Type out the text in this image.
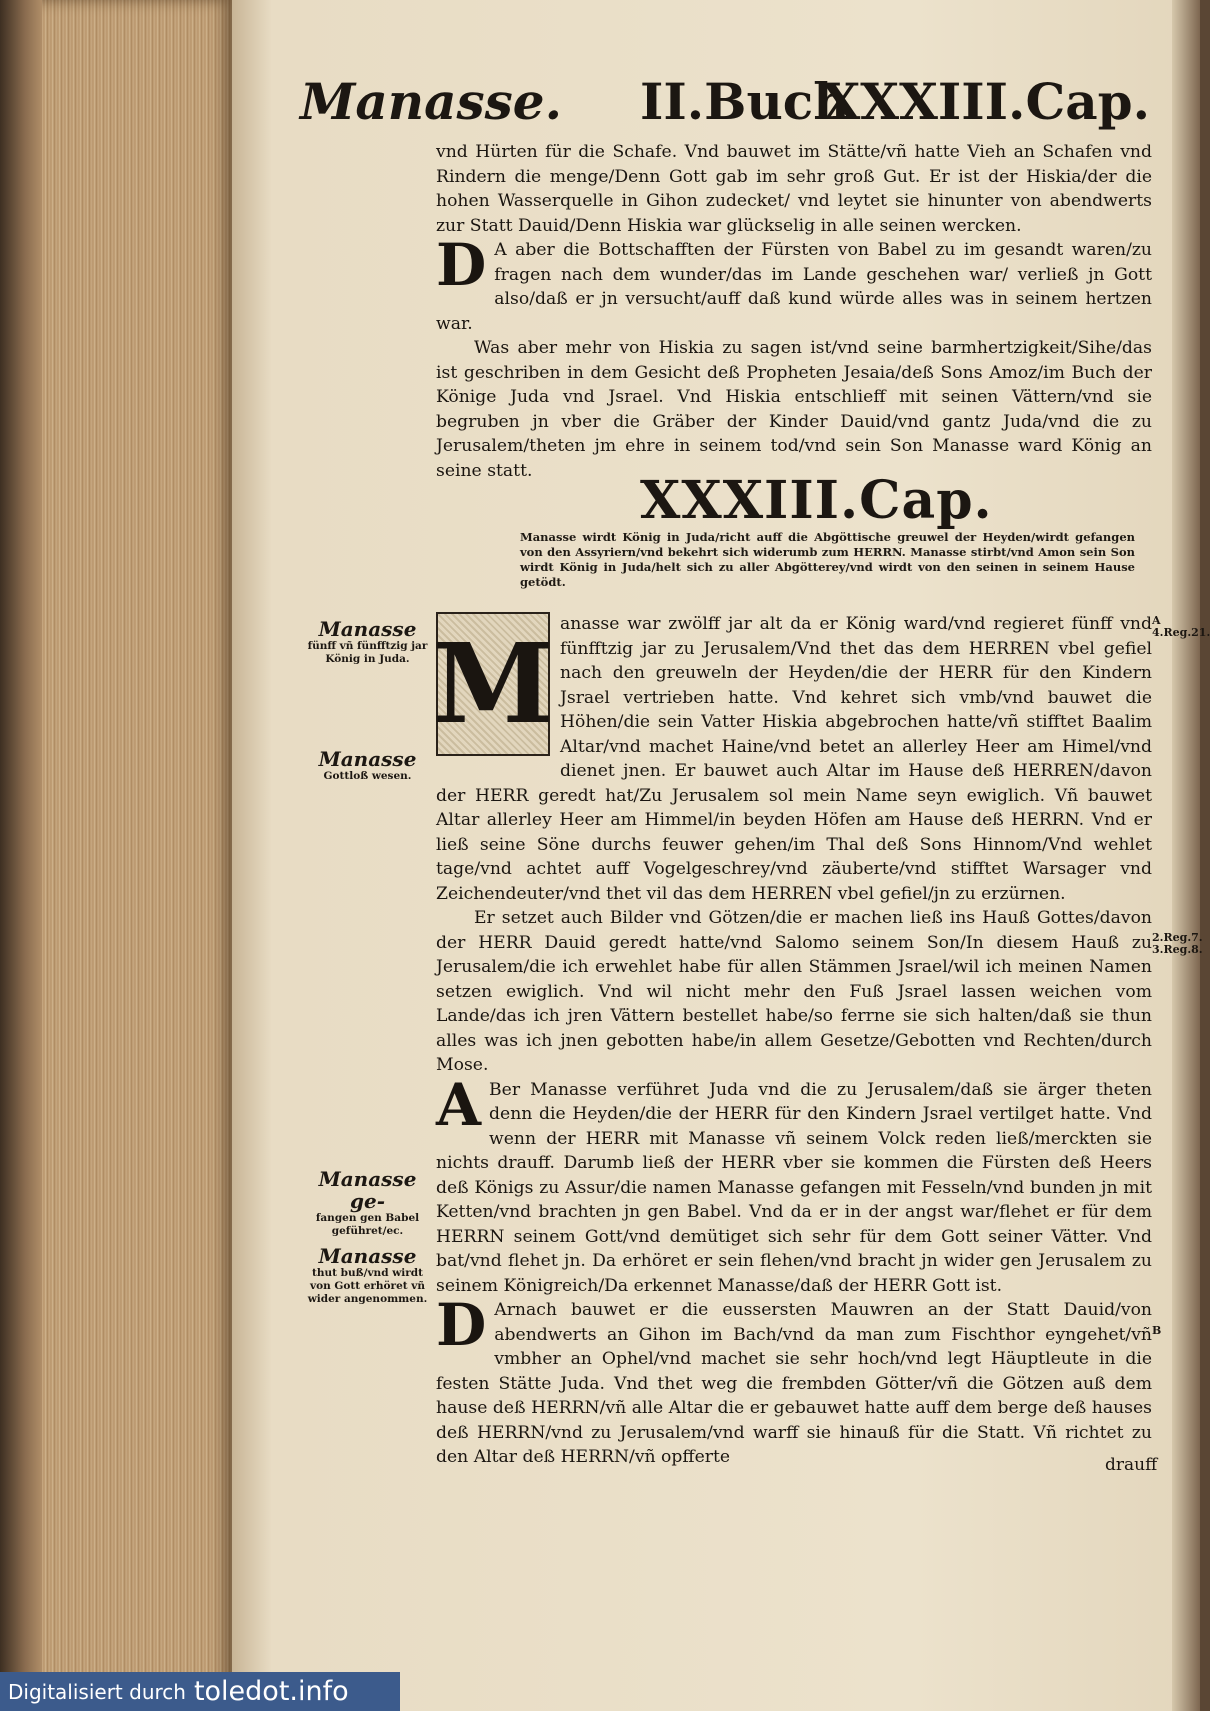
Manasse. II.Buch
XXXIII.Cap.

vnd Hürten für die Schafe. Vnd bauwet im Stätte/vñ hatte Vieh an Schafen vnd Rindern die menge/Denn Gott gab im sehr groß Gut. Er ist der Hiskia/der die hohen Wasserquelle in Gihon zudecket/ vnd leytet sie hinunter von abendwerts zur Statt Dauid/Denn Hiskia war glückselig in alle seinen wercken.

D A aber die Bottschafften der Fürsten von Babel zu im gesandt waren/zu fragen nach dem wunder/das im Lande geschehen war/ verließ jn Gott also/daß er jn versucht/auff daß kund würde alles was in seinem hertzen war.

Was aber mehr von Hiskia zu sagen ist/vnd seine barmhertzigkeit/Sihe/das ist geschriben in dem Gesicht deß Propheten Jesaia/deß Sons Amoz/im Buch der Könige Juda vnd Jsrael. Vnd Hiskia entschlieff mit seinen Vättern/vnd sie begruben jn vber die Gräber der Kinder Dauid/vnd gantz Juda/vnd die zu Jerusalem/theten jm ehre in seinem tod/vnd sein Son Manasse ward König an seine statt.	XXXIII.Cap.
Manasse wirdt König in Juda/richt auff die Abgöttische greuwel der Heyden/wirdt gefangen von den Assyriern/vnd bekehrt sich widerumb zum HERRN. Manasse stirbt/vnd Amon sein Son wirdt König in Juda/helt sich zu aller Abgötterey/vnd wirdt von den seinen in seinem Hause getödt.

M anasse war zwölff jar alt da er König ward/vnd regieret fünff vnd fünfftzig jar zu Jerusalem/Vnd thet das dem HERREN vbel gefiel nach den greuweln der Heyden/die der HERR für den Kindern Jsrael vertrieben hatte. Vnd kehret sich vmb/vnd bauwet die Höhen/die sein Vatter Hiskia abgebrochen hatte/vñ stifftet Baalim Altar/vnd machet Haine/vnd betet an allerley Heer am Himel/vnd dienet jnen. Er bauwet auch Altar im Hause deß HERREN/davon der HERR geredt hat/Zu Jerusalem sol mein Name seyn ewiglich. Vñ bauwet Altar allerley Heer am Himmel/in beyden Höfen am Hause deß HERRN. Vnd er ließ seine Söne durchs feuwer gehen/im Thal deß Sons Hinnom/Vnd wehlet tage/vnd achtet auff Vogelgeschrey/vnd zäuberte/vnd stifftet Warsager vnd Zeichendeuter/vnd thet vil das dem HERREN vbel gefiel/jn zu erzürnen.

Er setzet auch Bilder vnd Götzen/die er machen ließ ins Hauß Gottes/davon der HERR Dauid geredt hatte/vnd Salomo seinem Son/In diesem Hauß zu Jerusalem/die ich erwehlet habe für allen Stämmen Jsrael/wil ich meinen Namen setzen ewiglich. Vnd wil nicht mehr den Fuß Jsrael lassen weichen vom Lande/das ich jren Vättern bestellet habe/so ferrne sie sich halten/daß sie thun alles was ich jnen gebotten habe/in allem Gesetze/Gebotten vnd Rechten/durch Mose.

A Ber Manasse verführet Juda vnd die zu Jerusalem/daß sie ärger theten denn die Heyden/die der HERR für den Kindern Jsrael vertilget hatte. Vnd wenn der HERR mit Manasse vñ seinem Volck reden ließ/merckten sie nichts drauff. Darumb ließ der HERR vber sie kommen die Fürsten deß Heers deß Königs zu Assur/die namen Manasse gefangen mit Fesseln/vnd bunden jn mit Ketten/vnd brachten jn gen Babel. Vnd da er in der angst war/flehet er für dem HERRN seinem Gott/vnd demütiget sich sehr für dem Gott seiner Vätter. Vnd bat/vnd flehet jn. Da erhöret er sein flehen/vnd bracht jn wider gen Jerusalem zu seinem Königreich/Da erkennet Manasse/daß der HERR Gott ist.

D Arnach bauwet er die eussersten Mauwren an der Statt Dauid/von abendwerts an Gihon im Bach/vnd da man zum Fischthor eyngehet/vñ vmbher an Ophel/vnd machet sie sehr hoch/vnd legt Häuptleute in die festen Stätte Juda. Vnd thet weg die frembden Götter/vñ die Götzen auß dem hause deß HERRN/vñ alle Altar die er gebauwet hatte auff dem berge deß hauses deß HERRN/vnd zu Jerusalem/vnd warff sie hinauß für die Statt. Vñ richtet zu den Altar deß HERRN/vñ opfferte	drauff
Manasse
fünff vñ fünfftzig jar König in Juda.
Manasse
Gottloß wesen.
Manasse ge-
fangen gen Babel geführet/ec.
Manasse
thut buß/vnd wirdt von Gott erhöret vñ wider angenommen.
A
4.Reg.21.
2.Reg.7. 3.Reg.8.
B
Digitalisiert durch toledot.info
